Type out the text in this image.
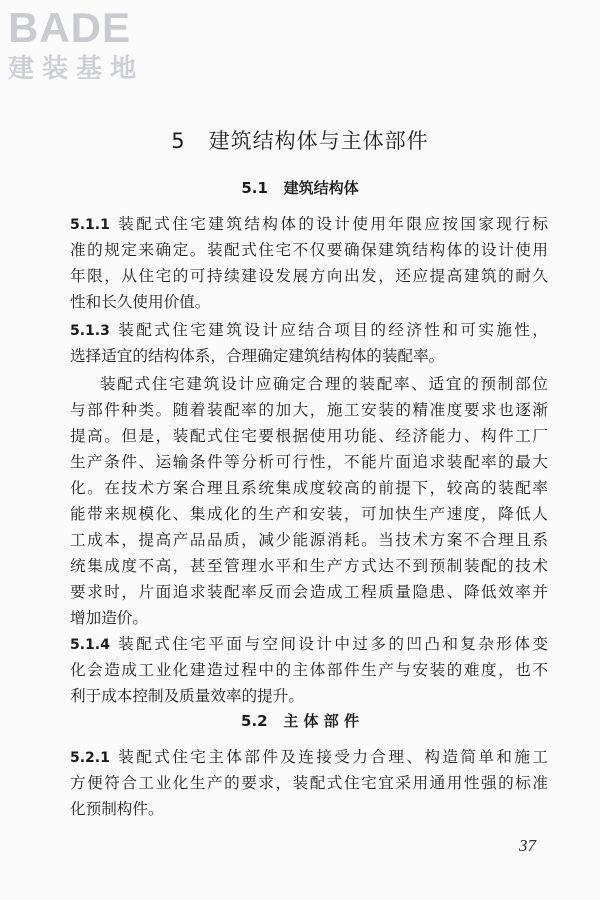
BADE
建装基地
5   建筑结构体与主体部件
5.1   建筑结构体
5.1.1 装配式住宅建筑结构体的设计使用年限应按国家现行标
准的规定来确定。装配式住宅不仅要确保建筑结构体的设计使用
年限，从住宅的可持续建设发展方向出发，还应提高建筑的耐久
性和长久使用价值。
5.1.3 装配式住宅建筑设计应结合项目的经济性和可实施性，
选择适宜的结构体系，合理确定建筑结构体的装配率。
装配式住宅建筑设计应确定合理的装配率、适宜的预制部位
与部件种类。随着装配率的加大，施工安装的精准度要求也逐渐
提高。但是，装配式住宅要根据使用功能、经济能力、构件工厂
生产条件、运输条件等分析可行性，不能片面追求装配率的最大
化。在技术方案合理且系统集成度较高的前提下，较高的装配率
能带来规模化、集成化的生产和安装，可加快生产速度，降低人
工成本，提高产品品质，减少能源消耗。当技术方案不合理且系
统集成度不高，甚至管理水平和生产方式达不到预制装配的技术
要求时，片面追求装配率反而会造成工程质量隐患、降低效率并
增加造价。
5.1.4 装配式住宅平面与空间设计中过多的凹凸和复杂形体变
化会造成工业化建造过程中的主体部件生产与安装的难度，也不
利于成本控制及质量效率的提升。
5.2   主 体 部 件
5.2.1 装配式住宅主体部件及连接受力合理、构造简单和施工
方便符合工业化生产的要求，装配式住宅宜采用通用性强的标准
化预制构件。
37
